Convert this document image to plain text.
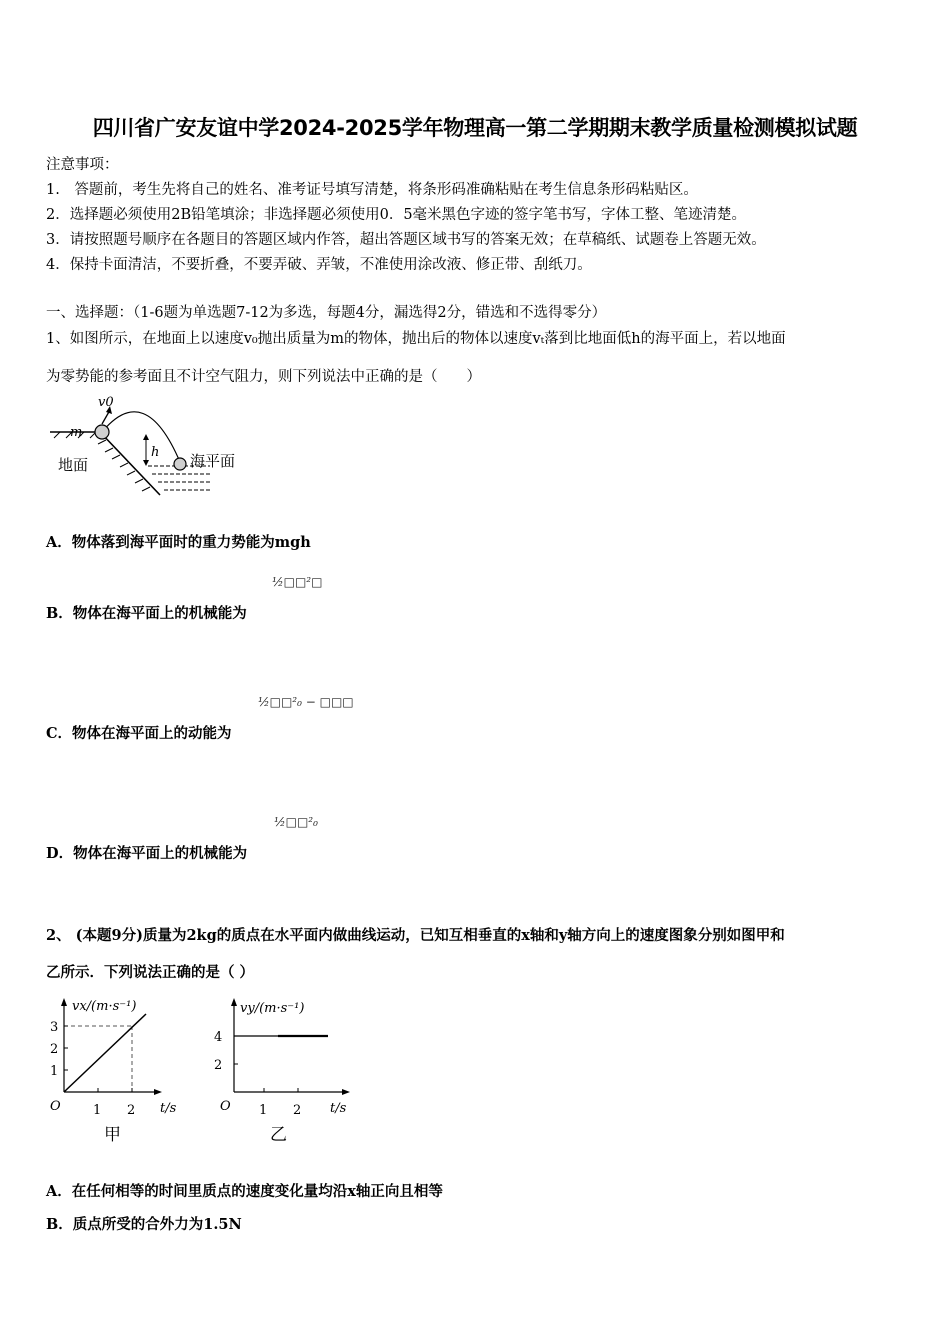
四川省广安友谊中学2024-2025学年物理高一第二学期期末教学质量检测模拟试题
注意事项：
1.　答题前，考生先将自己的姓名、准考证号填写清楚，将条形码准确粘贴在考生信息条形码粘贴区。
2．选择题必须使用2B铅笔填涂；非选择题必须使用0．5毫米黑色字迹的签字笔书写，字体工整、笔迹清楚。
3．请按照题号顺序在各题目的答题区域内作答，超出答题区域书写的答案无效；在草稿纸、试题卷上答题无效。
4．保持卡面清洁，不要折叠，不要弄破、弄皱，不准使用涂改液、修正带、刮纸刀。
一、选择题：（1-6题为单选题7-12为多选，每题4分，漏选得2分，错选和不选得零分）
1、如图所示，在地面上以速度v₀抛出质量为m的物体，抛出后的物体以速度vₜ落到比地面低h的海平面上，若以地面
为零势能的参考面且不计空气阻力，则下列说法中正确的是（　　）
v0
m
h
地面	海平面
A．物体落到海平面时的重力势能为mgh
½□□²□
B．物体在海平面上的机械能为
½□□²₀ − □□□
C．物体在海平面上的动能为
½□□²₀
D．物体在海平面上的机械能为
2、 (本题9分)质量为2kg的质点在水平面内做曲线运动，已知互相垂直的x轴和y轴方向上的速度图象分别如图甲和
乙所示．下列说法正确的是（ ）
vx/(m·s⁻¹)
3
2
1
O 1 2 t/s
甲
vy/(m·s⁻¹)
4
2
O 1 2 t/s
乙
A．在任何相等的时间里质点的速度变化量均沿x轴正向且相等
B．质点所受的合外力为1.5N
